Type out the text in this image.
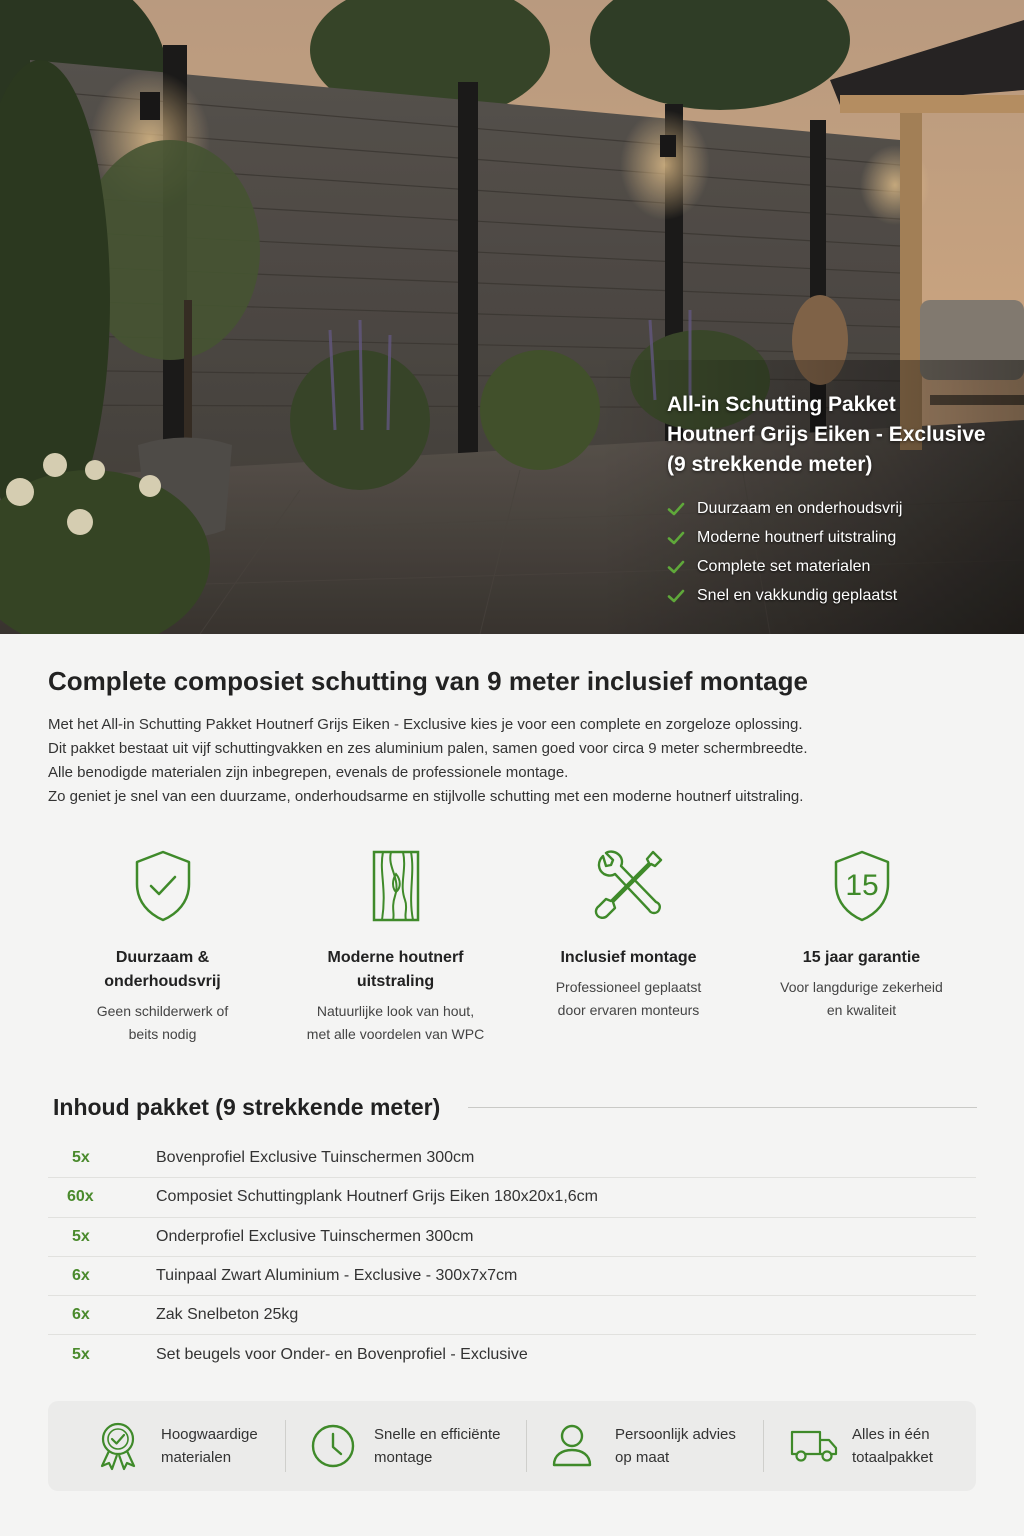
All-in Schutting Pakket
Houtnerf Grijs Eiken - Exclusive
(9 strekkende meter)
Duurzaam en onderhoudsvrij
Moderne houtnerf uitstraling
Complete set materialen
Snel en vakkundig geplaatst
Complete composiet schutting van 9 meter inclusief montage

Met het All-in Schutting Pakket Houtnerf Grijs Eiken - Exclusive kies je voor een complete en zorgeloze oplossing.

Dit pakket bestaat uit vijf schuttingvakken en zes aluminium palen, samen goed voor circa 9 meter schermbreedte.

Alle benodigde materialen zijn inbegrepen, evenals de professionele montage.

Zo geniet je snel van een duurzame, onderhoudsarme en stijlvolle schutting met een moderne houtnerf uitstraling.

Duurzaam &
onderhoudsvrij
Geen schilderwerk of
beits nodig
Moderne houtnerf
uitstraling
Natuurlijke look van hout,
met alle voordelen van WPC
Inclusief montage
Professioneel geplaatst
door ervaren monteurs
15
15 jaar garantie
Voor langdurige zekerheid
en kwaliteit
Inhoud pakket (9 strekkende meter)
5x	Bovenprofiel Exclusive Tuinschermen 300cm
60x	Composiet Schuttingplank Houtnerf Grijs Eiken 180x20x1,6cm
5x	Onderprofiel Exclusive Tuinschermen 300cm
6x	Tuinpaal Zwart Aluminium - Exclusive - 300x7x7cm
6x	Zak Snelbeton 25kg
5x	Set beugels voor Onder- en Bovenprofiel - Exclusive
Hoogwaardige
materialen
Snelle en efficiënte
montage
Persoonlijk advies
op maat
Alles in één
totaalpakket
